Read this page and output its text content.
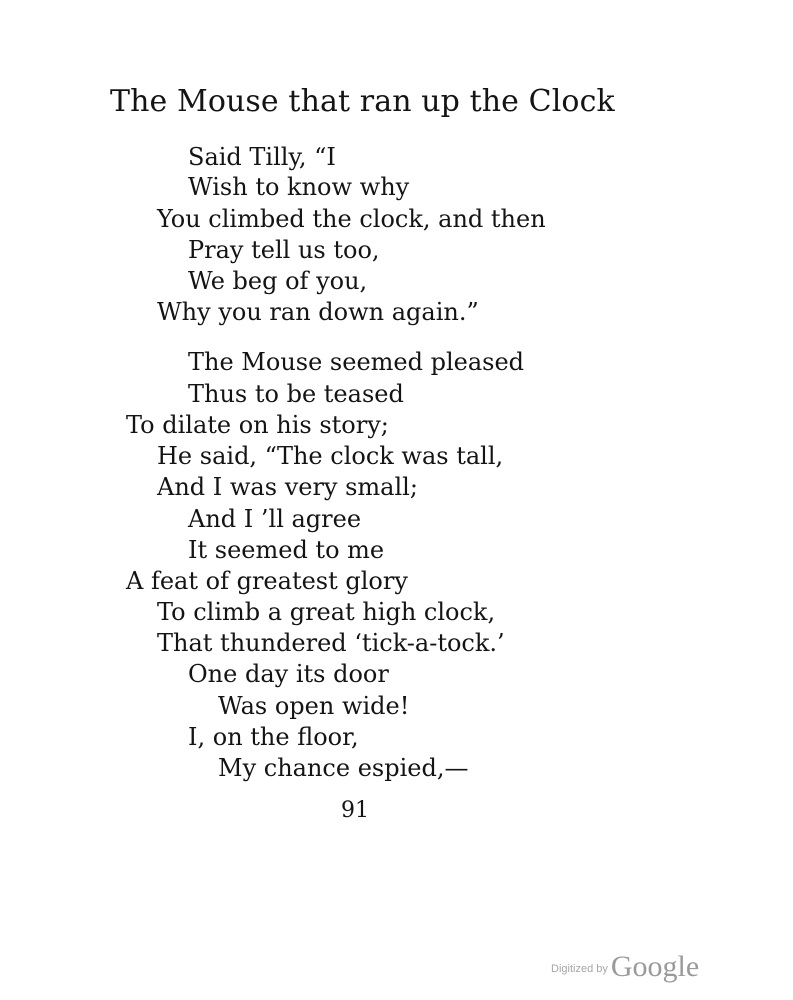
The Mouse that ran up the Clock
Said Tilly, “I
Wish to know why
You climbed the clock, and then
Pray tell us too,
We beg of you,
Why you ran down again.”
The Mouse seemed pleased
Thus to be teased
To dilate on his story;
He said, “The clock was tall,
And I was very small;
And I ’ll agree
It seemed to me
A feat of greatest glory
To climb a great high clock,
That thundered ‘tick-a-tock.’
One day its door
Was open wide!
I, on the floor,
My chance espied,—
91
$^{Digitized by}$ Google
